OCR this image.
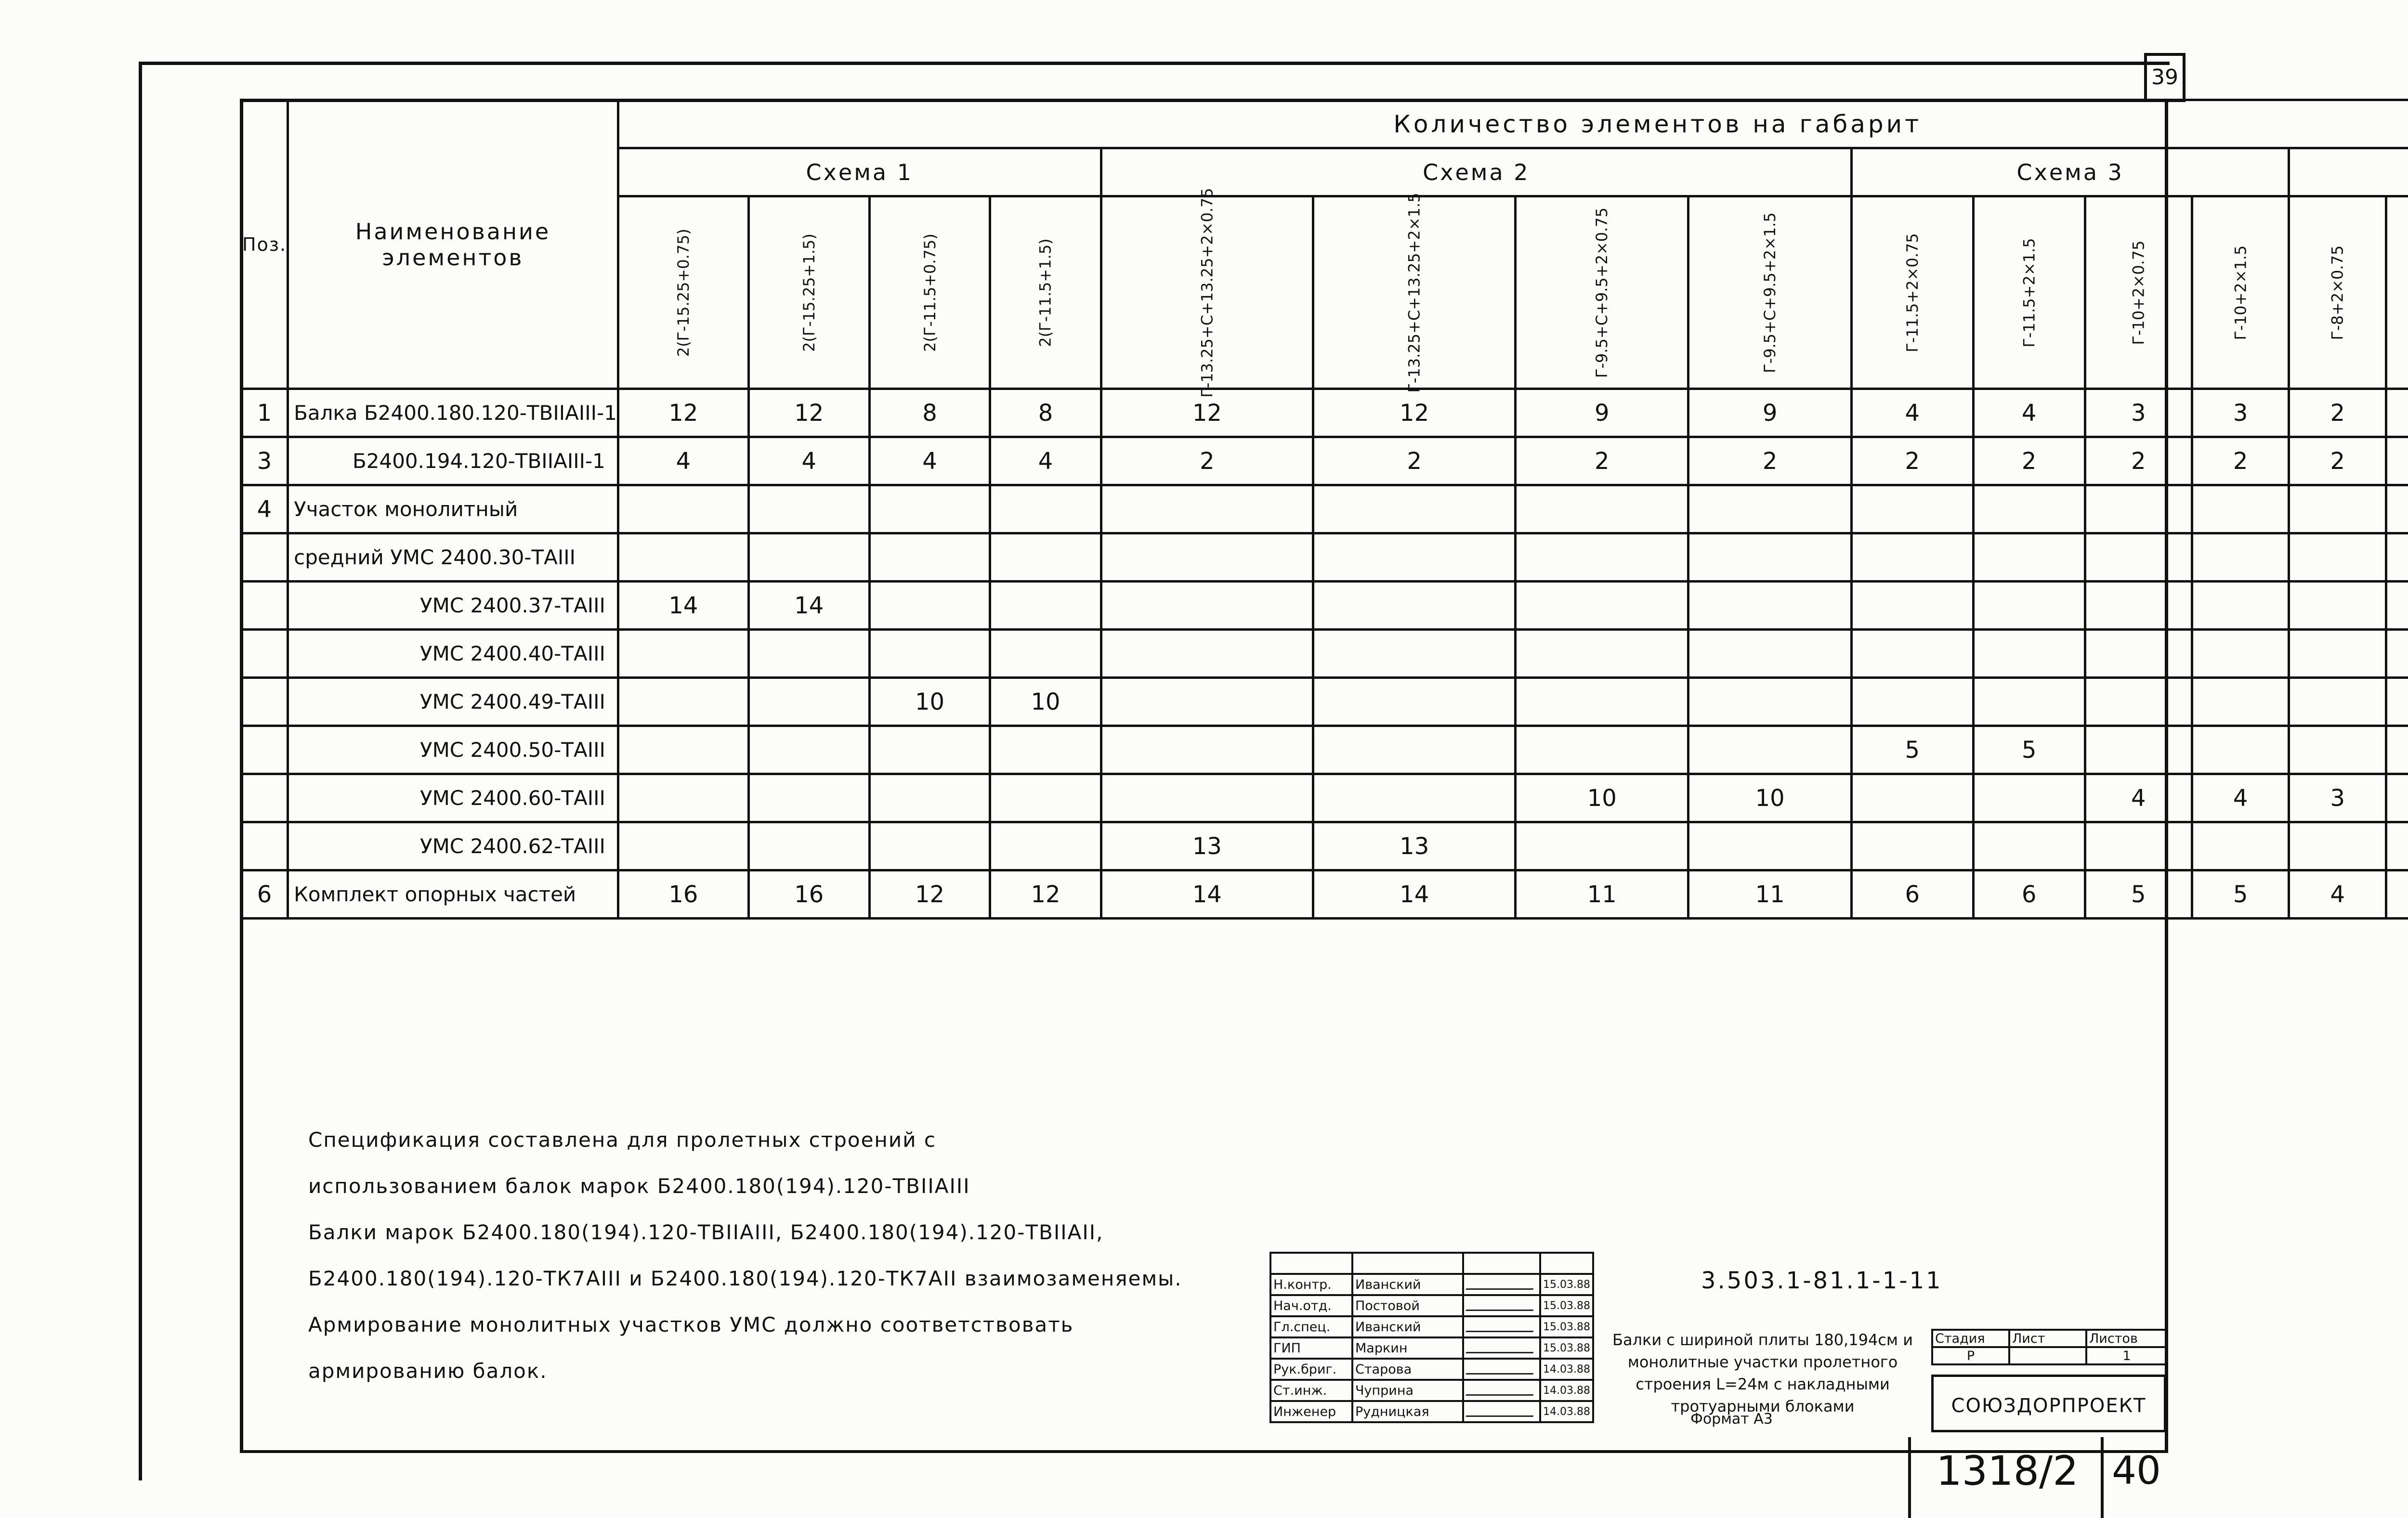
39
Поз.	Наименование элементов	Количество элементов на габарит		
		Схема 1				Схема 2				Схема 3				
		2(Г-15.25+0.75)	2(Г-15.25+1.5)	2(Г-11.5+0.75)	2(Г-11.5+1.5)	Г-13.25+С+13.25+2×0.75	Г-13.25+С+13.25+2×1.5	Г-9.5+С+9.5+2×0.75	Г-9.5+С+9.5+2×1.5	Г-11.5+2×0.75	Г-11.5+2×1.5	Г-10+2×0.75	Г-10+2×1.5	Г-8+2×0.75			
1	Балка Б2400.180.120-ТВIIАIII-1	12	12	8	8	12	12	9	9	4	4	3	3	2							
3	Б2400.194.120-ТВIIАIII-1	4	4	4	4	2	2	2	2	2	2	2	2	2							
4	Участок монолитный																				
	средний УМС 2400.30-ТАIII																				
	УМС 2400.37-ТАIII	14	14																		
	УМС 2400.40-ТАIII																				
	УМС 2400.49-ТАIII			10	10																
	УМС 2400.50-ТАIII									5	5										
	УМС 2400.60-ТАIII							10	10			4	4	3							
	УМС 2400.62-ТАIII					13	13														
6	Комплект опорных частей	16	16	12	12	14	14	11	11	6	6	5	5	4							
Спецификация составлена для пролетных строений с
использованием балок марок Б2400.180(194).120-ТВIIАIII
Балки марок Б2400.180(194).120-ТВIIАIII, Б2400.180(194).120-ТВIIАII,
Б2400.180(194).120-ТК7АIII и Б2400.180(194).120-ТК7АII взаимозаменяемы.
Армирование монолитных участков УМС должно соответствовать
армированию балок.

Н.контр.	Иванский		15.03.88
Нач.отд.	Постовой		15.03.88
Гл.спец.	Иванский		15.03.88
ГИП	Маркин		15.03.88
Рук.бриг.	Старова		14.03.88
Ст.инж.	Чуприна		14.03.88
Инженер	Рудницкая		14.03.88
3.503.1-81.1-1-11
Балки с шириной плиты 180,194см и монолитные участки пролетного строения L=24м с накладными тротуарными блоками
Стадия	Лист	Листов
Р		1
СОЮЗДОРПРОЕКТ
Формат А3
1318/2 40
